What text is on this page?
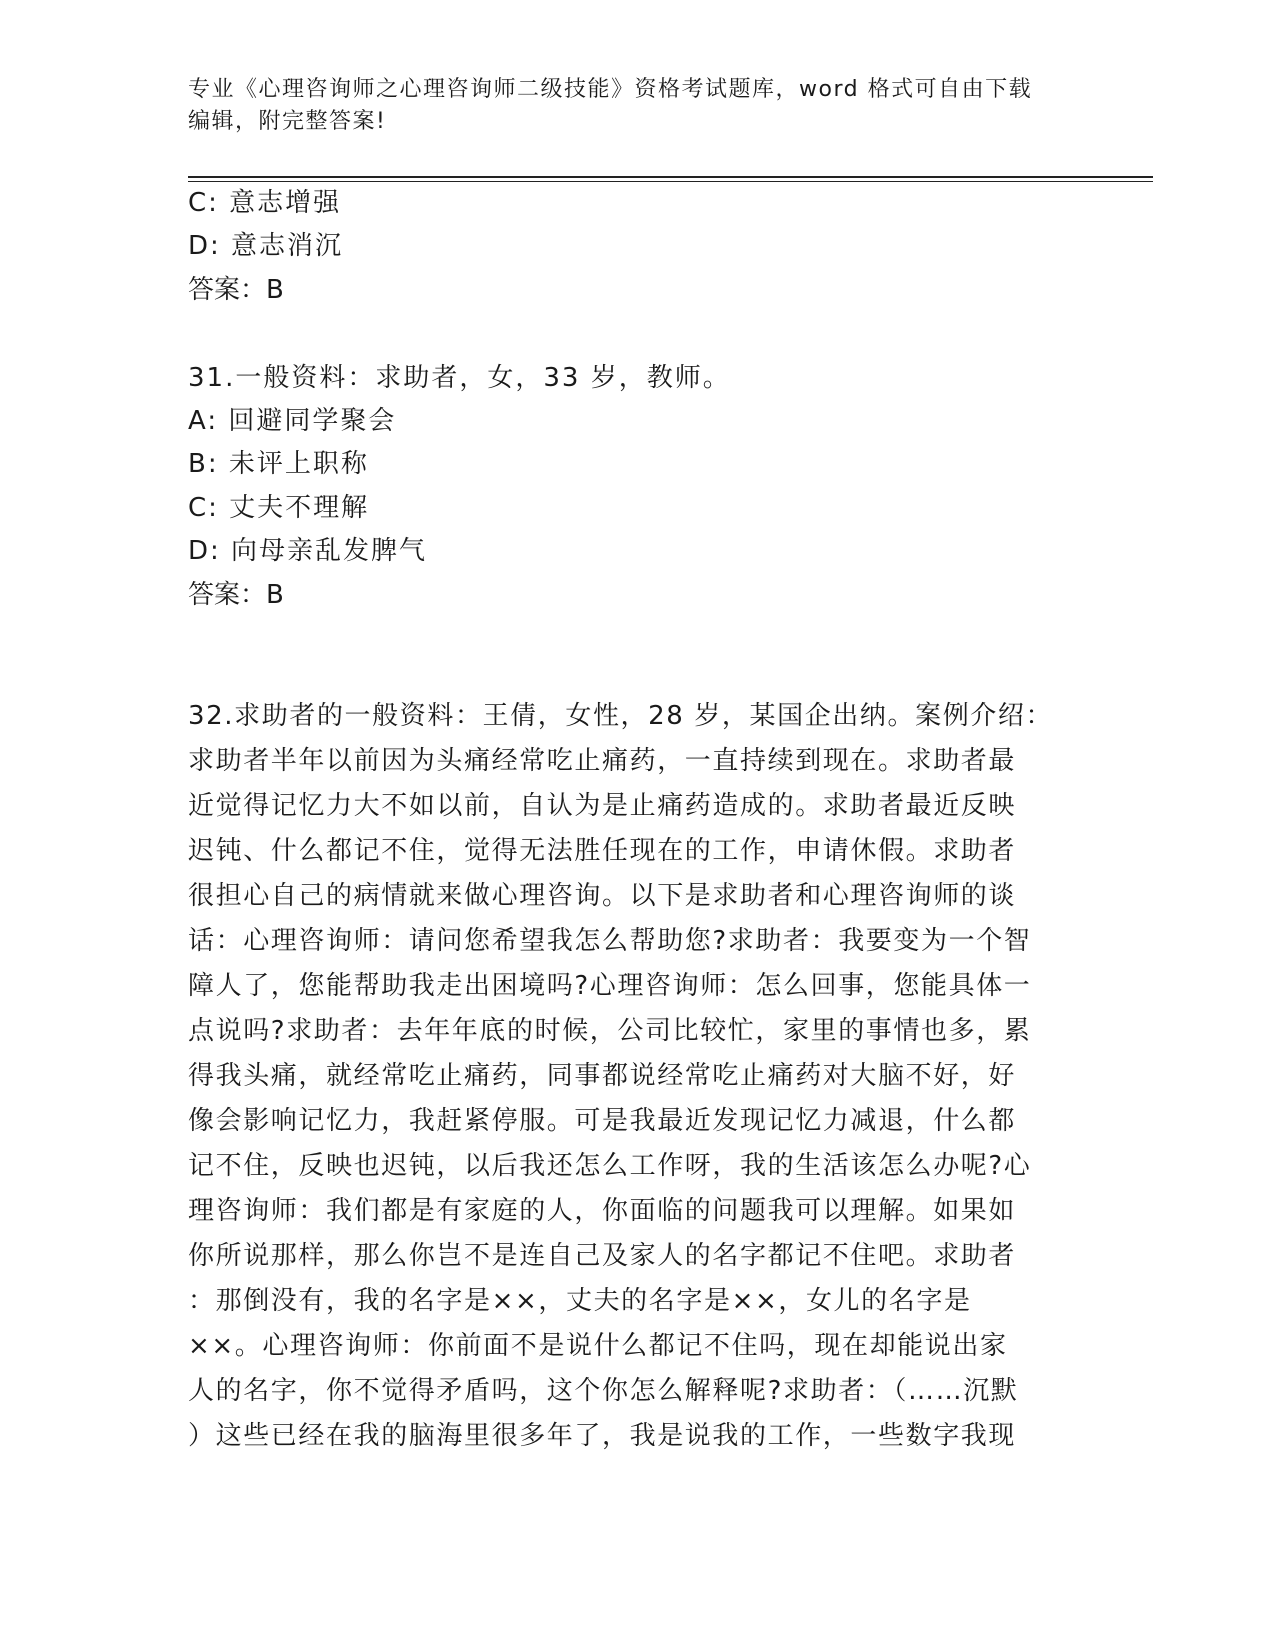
专业《心理咨询师之心理咨询师二级技能》资格考试题库，word 格式可自由下载
编辑，附完整答案!
C: 意志增强
D: 意志消沉
答案：B
31.一般资料：求助者，女，33 岁，教师。
A: 回避同学聚会
B: 未评上职称
C: 丈夫不理解
D: 向母亲乱发脾气
答案：B
32.求助者的一般资料：王倩，女性，28 岁，某国企出纳。案例介绍：
求助者半年以前因为头痛经常吃止痛药，一直持续到现在。求助者最
近觉得记忆力大不如以前，自认为是止痛药造成的。求助者最近反映
迟钝、什么都记不住，觉得无法胜任现在的工作，申请休假。求助者
很担心自己的病情就来做心理咨询。以下是求助者和心理咨询师的谈
话：心理咨询师：请问您希望我怎么帮助您?求助者：我要变为一个智
障人了，您能帮助我走出困境吗?心理咨询师：怎么回事，您能具体一
点说吗?求助者：去年年底的时候，公司比较忙，家里的事情也多，累
得我头痛，就经常吃止痛药，同事都说经常吃止痛药对大脑不好，好
像会影响记忆力，我赶紧停服。可是我最近发现记忆力减退，什么都
记不住，反映也迟钝，以后我还怎么工作呀，我的生活该怎么办呢?心
理咨询师：我们都是有家庭的人，你面临的问题我可以理解。如果如
你所说那样，那么你岂不是连自己及家人的名字都记不住吧。求助者
：那倒没有，我的名字是××，丈夫的名字是××，女儿的名字是
××。心理咨询师：你前面不是说什么都记不住吗，现在却能说出家
人的名字，你不觉得矛盾吗，这个你怎么解释呢?求助者：（……沉默
）这些已经在我的脑海里很多年了，我是说我的工作，一些数字我现
